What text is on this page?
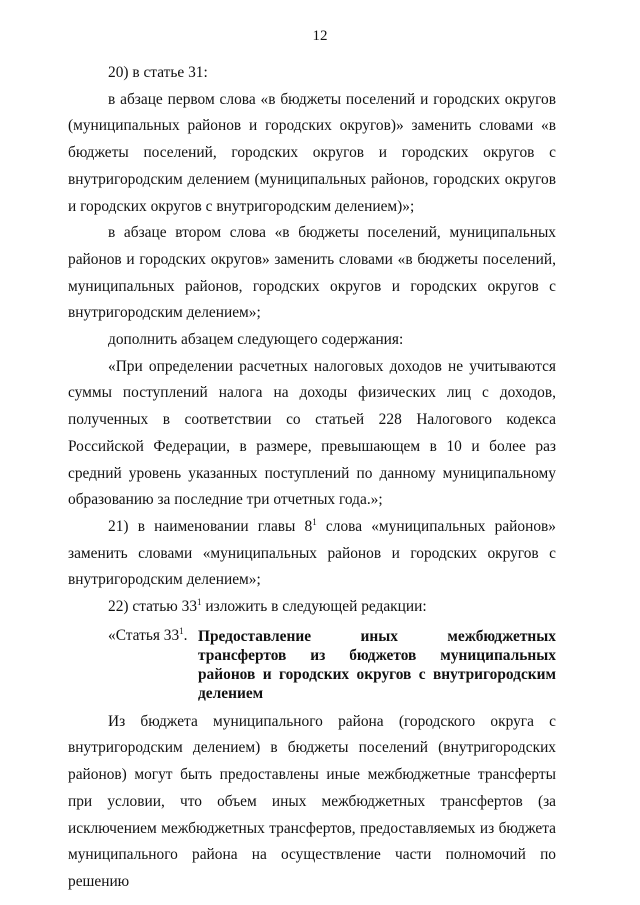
12

20) в статье 31:

в абзаце первом слова «в бюджеты поселений и городских округов (муниципальных районов и городских округов)» заменить словами «в бюджеты поселений, городских округов и городских округов с внутригородским делением (муниципальных районов, городских округов и городских округов с внутригородским делением)»;

в абзаце втором слова «в бюджеты поселений, муниципальных районов и городских округов» заменить словами «в бюджеты поселений, муниципальных районов, городских округов и городских округов с внутригородским делением»;

дополнить абзацем следующего содержания:

«При определении расчетных налоговых доходов не учитываются суммы поступлений налога на доходы физических лиц с доходов, полученных в соответствии со статьей 228 Налогового кодекса Российской Федерации, в размере, превышающем в 10 и более раз средний уровень указанных поступлений по данному муниципальному образованию за последние три отчетных года.»;

21) в наименовании главы $8^1$ слова «муниципальных районов» заменить словами «муниципальных районов и городских округов с внутригородским делением»;

22) статью $33^1$ изложить в следующей редакции:

«Статья $33^1$. Предоставление иных межбюджетных трансфертов из бюджетов муниципальных районов и городских округов с внутригородским делением

Из бюджета муниципального района (городского округа с внутригородским делением) в бюджеты поселений (внутригородских районов) могут быть предоставлены иные межбюджетные трансферты при условии, что объем иных межбюджетных трансфертов (за исключением межбюджетных трансфертов, предоставляемых из бюджета муниципального района на осуществление части полномочий по решению
